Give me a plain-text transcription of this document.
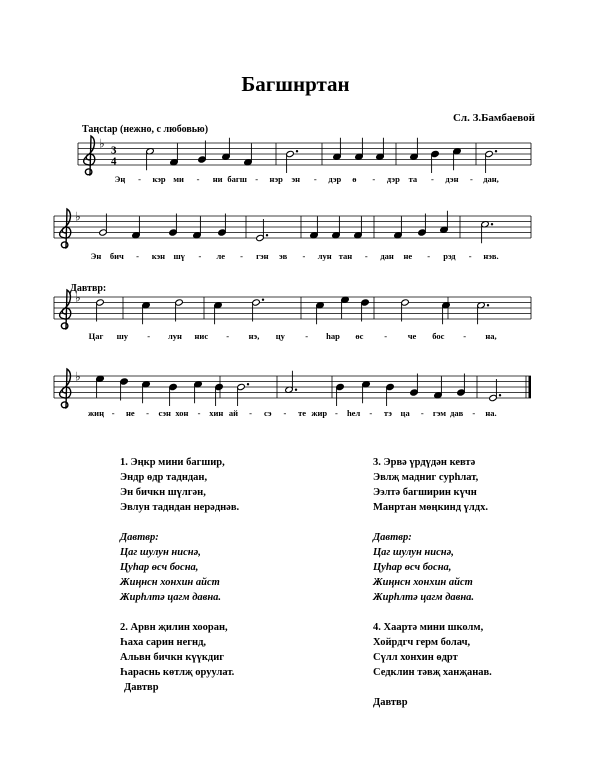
Багшнртан
Сл. З.Бамбаевой
Таңсtар (нежно, с любовью)
Давтвр:
♭ 3
4
♭
♭
♭
Эң - кэр ми - ни багш - нэр эн - дэр ө - дэр та - дэн - дан,
Эн бич - кэн шү - ле - гэн эв - лун тан - дан не - рэд - нэв.
Цаг шу - лун нис - нэ, цу - һар өс - че бос - на,
жиң - не - сэн хон - хин ай - сэ - те жир - һел - тэ ца - гэм дав - на.
1. Эңкр мини багшир,
Эндр өдр тадндан,
Эн бичкн шүлгән,
Эвлун тадндан нерәднәв.
Давтвр:
Цаг шулун ниснә,
Цуһар өсч босна,
Жиңнсн хонхин айст
Жирһлтә цагм давна.
2. Арвн җилин хооран,
Һаха сарин негнд,
Альвн бичкн күүкдиг
Һараснь көтлҗ оруулат.
Давтвр
3. Эрвә үрдүдән кевтә
Эвлҗ мадниг сурһлат,
Ээлтә багширин күчн
Манртан мөңкинд үлдх.
Давтвр:
Цаг шулун ниснә,
Цуһар өсч босна,
Жиңнсн хонхин айст
Жирһлтә цагм давна.
4. Хаартә мини школм,
Хойрдгч герм болач,
Сүлл хонхин өдрт
Седклин тәвҗ ханҗанав.
Давтвр
